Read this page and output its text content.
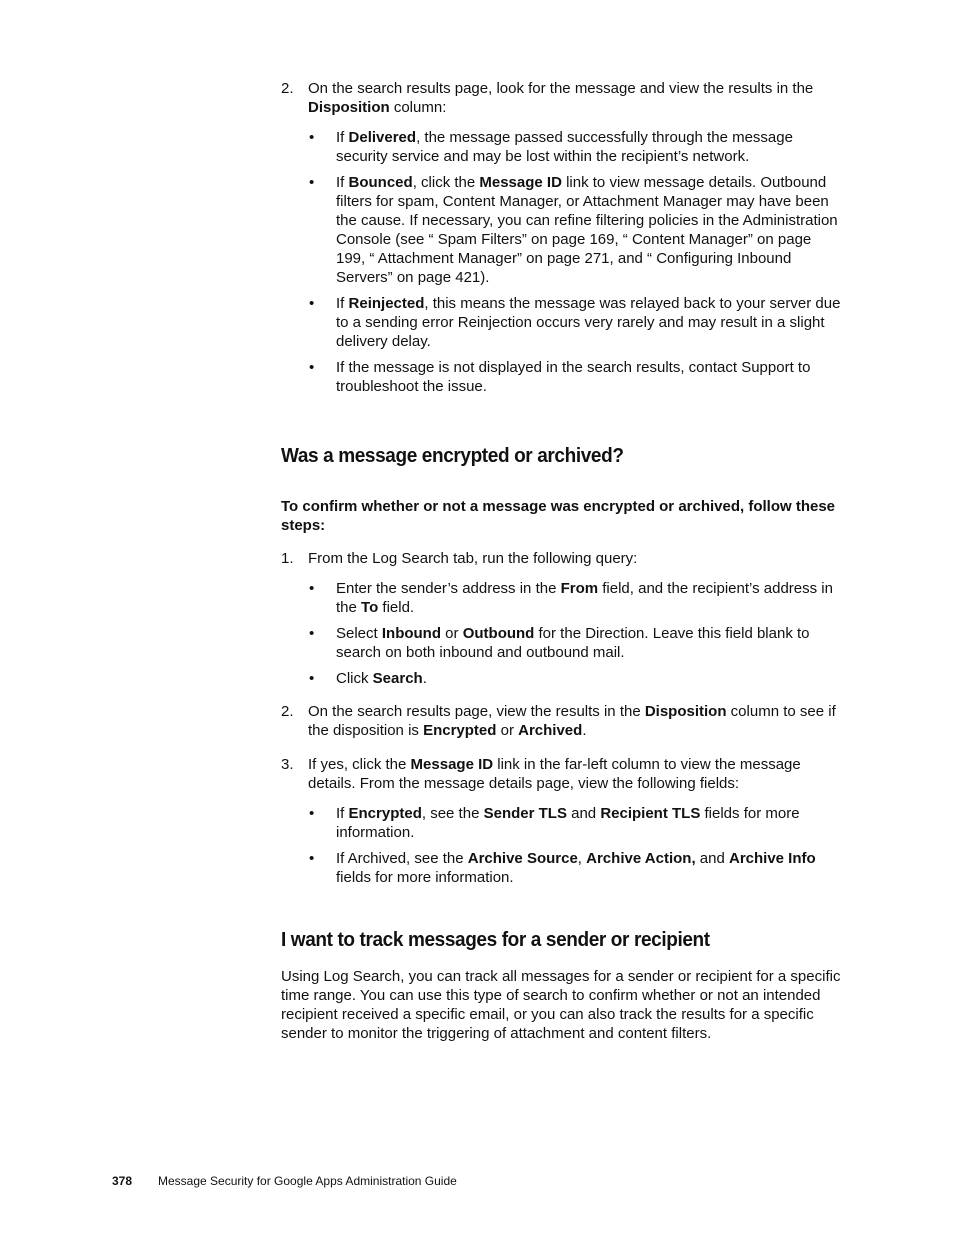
2. On the search results page, look for the message and view the results in the Disposition column:
• If Delivered, the message passed successfully through the message security service and may be lost within the recipient’s network.
• If Bounced, click the Message ID link to view message details. Outbound filters for spam, Content Manager, or Attachment Manager may have been the cause. If necessary, you can refine filtering policies in the Administration Console (see “ Spam Filters” on page 169, “ Content Manager” on page 199, “ Attachment Manager” on page 271, and “ Configuring Inbound Servers” on page 421).
• If Reinjected, this means the message was relayed back to your server due to a sending error Reinjection occurs very rarely and may result in a slight delivery delay.
• If the message is not displayed in the search results, contact Support to troubleshoot the issue.
Was a message encrypted or archived?

To confirm whether or not a message was encrypted or archived, follow these steps:

1. From the Log Search tab, run the following query:
• Enter the sender’s address in the From field, and the recipient’s address in the To field.
• Select Inbound or Outbound for the Direction. Leave this field blank to search on both inbound and outbound mail.
• Click Search.
2. On the search results page, view the results in the Disposition column to see if the disposition is Encrypted or Archived.
3. If yes, click the Message ID link in the far-left column to view the message details. From the message details page, view the following fields:
• If Encrypted, see the Sender TLS and Recipient TLS fields for more information.
• If Archived, see the Archive Source, Archive Action, and Archive Info fields for more information.
I want to track messages for a sender or recipient

Using Log Search, you can track all messages for a sender or recipient for a specific time range. You can use this type of search to confirm whether or not an intended recipient received a specific email, or you can also track the results for a specific sender to monitor the triggering of attachment and content filters.

378 Message Security for Google Apps Administration Guide
